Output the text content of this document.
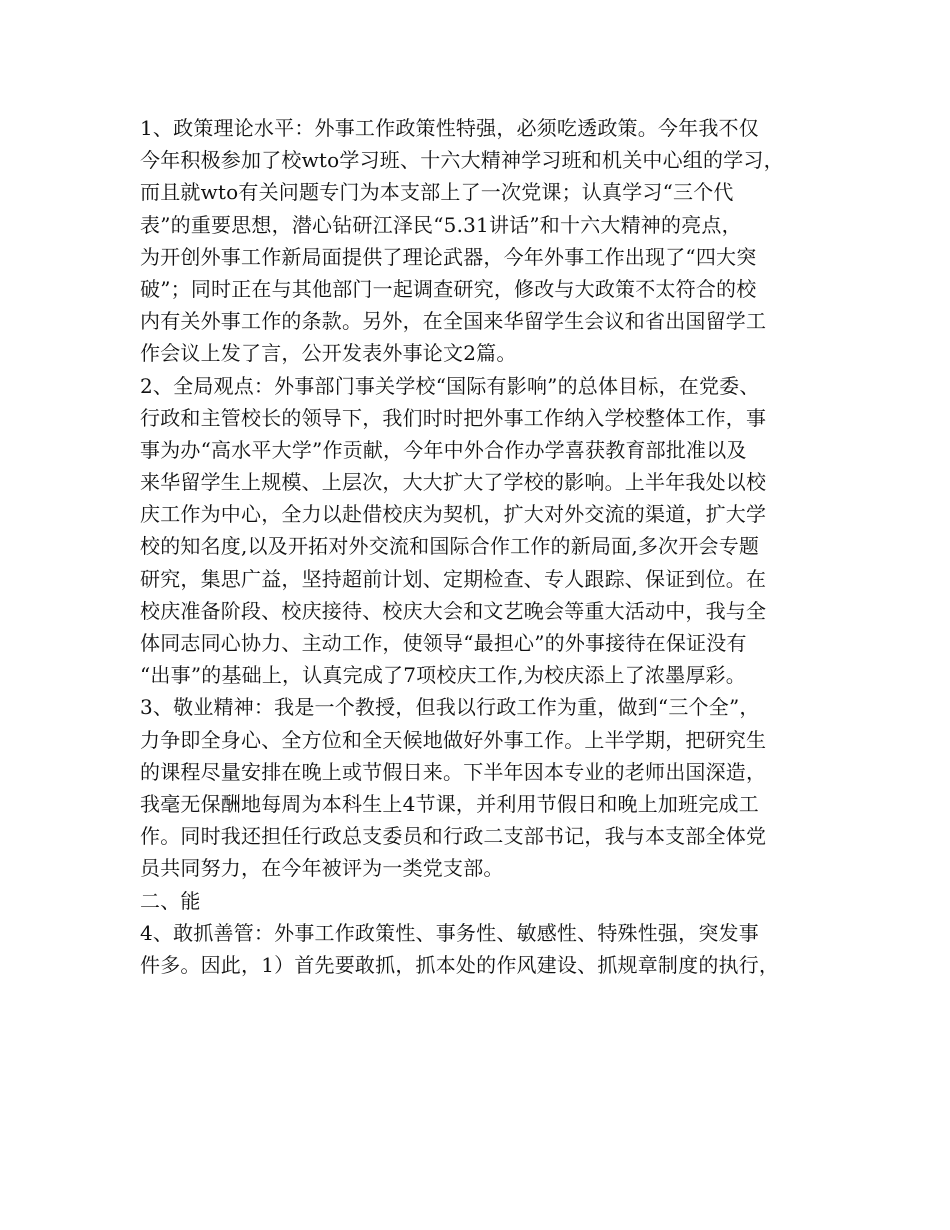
1、政策理论水平：外事工作政策性特强，必须吃透政策。今年我不仅
今年积极参加了校wto学习班、十六大精神学习班和机关中心组的学习，
而且就wto有关问题专门为本支部上了一次党课；认真学习“三个代
表”的重要思想，潜心钻研江泽民“5.31讲话”和十六大精神的亮点，
为开创外事工作新局面提供了理论武器，今年外事工作出现了“四大突
破”；同时正在与其他部门一起调查研究，修改与大政策不太符合的校
内有关外事工作的条款。另外，在全国来华留学生会议和省出国留学工
作会议上发了言，公开发表外事论文2篇。
2、全局观点：外事部门事关学校“国际有影响”的总体目标，在党委、
行政和主管校长的领导下，我们时时把外事工作纳入学校整体工作，事
事为办“高水平大学”作贡献，今年中外合作办学喜获教育部批准以及
来华留学生上规模、上层次，大大扩大了学校的影响。上半年我处以校
庆工作为中心，全力以赴借校庆为契机，扩大对外交流的渠道，扩大学
校的知名度,以及开拓对外交流和国际合作工作的新局面,多次开会专题
研究，集思广益，坚持超前计划、定期检查、专人跟踪、保证到位。在
校庆准备阶段、校庆接待、校庆大会和文艺晚会等重大活动中，我与全
体同志同心协力、主动工作，使领导“最担心”的外事接待在保证没有
“出事”的基础上，认真完成了7项校庆工作,为校庆添上了浓墨厚彩。
3、敬业精神：我是一个教授，但我以行政工作为重，做到“三个全”，
力争即全身心、全方位和全天候地做好外事工作。上半学期，把研究生
的课程尽量安排在晚上或节假日来。下半年因本专业的老师出国深造，
我毫无保酬地每周为本科生上4节课，并利用节假日和晚上加班完成工
作。同时我还担任行政总支委员和行政二支部书记，我与本支部全体党
员共同努力，在今年被评为一类党支部。
二、能
4、敢抓善管：外事工作政策性、事务性、敏感性、特殊性强，突发事
件多。因此，1）首先要敢抓，抓本处的作风建设、抓规章制度的执行，
